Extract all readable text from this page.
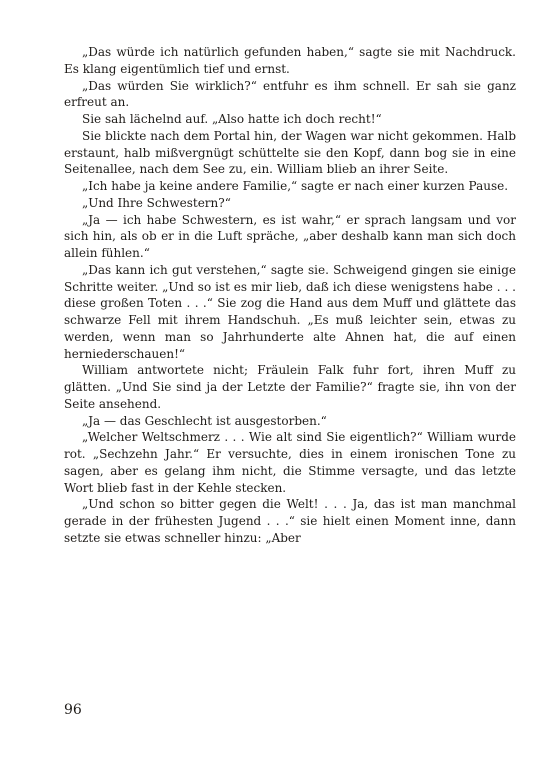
„Das würde ich natürlich gefunden haben,“ sagte sie mit Nachdruck. Es klang eigentümlich tief und ernst.

„Das würden Sie wirklich?“ entfuhr es ihm schnell. Er sah sie ganz erfreut an.

Sie sah lächelnd auf. „Also hatte ich doch recht!“

Sie blickte nach dem Portal hin, der Wagen war nicht gekommen. Halb erstaunt, halb mißvergnügt schüttelte sie den Kopf, dann bog sie in eine Seitenallee, nach dem See zu, ein. William blieb an ihrer Seite.

„Ich habe ja keine andere Familie,“ sagte er nach einer kurzen Pause.

„Und Ihre Schwestern?“

„Ja — ich habe Schwestern, es ist wahr,“ er sprach langsam und vor sich hin, als ob er in die Luft spräche, „aber deshalb kann man sich doch allein fühlen.“

„Das kann ich gut verstehen,“ sagte sie. Schweigend gingen sie einige Schritte weiter. „Und so ist es mir lieb, daß ich diese wenigstens habe . . . diese großen Toten . . .“ Sie zog die Hand aus dem Muff und glättete das schwarze Fell mit ihrem Handschuh. „Es muß leichter sein, etwas zu werden, wenn man so Jahrhunderte alte Ahnen hat, die auf einen herniederschauen!“

William antwortete nicht; Fräulein Falk fuhr fort, ihren Muff zu glätten. „Und Sie sind ja der Letzte der Familie?“ fragte sie, ihn von der Seite ansehend.

„Ja — das Geschlecht ist ausgestorben.“

„Welcher Weltschmerz . . . Wie alt sind Sie eigentlich?“ William wurde rot. „Sechzehn Jahr.“ Er versuchte, dies in einem ironischen Tone zu sagen, aber es gelang ihm nicht, die Stimme versagte, und das letzte Wort blieb fast in der Kehle stecken.

„Und schon so bitter gegen die Welt! . . . Ja, das ist man manchmal gerade in der frühesten Jugend . . .“ sie hielt einen Moment inne, dann setzte sie etwas schneller hinzu: „Aber

96
